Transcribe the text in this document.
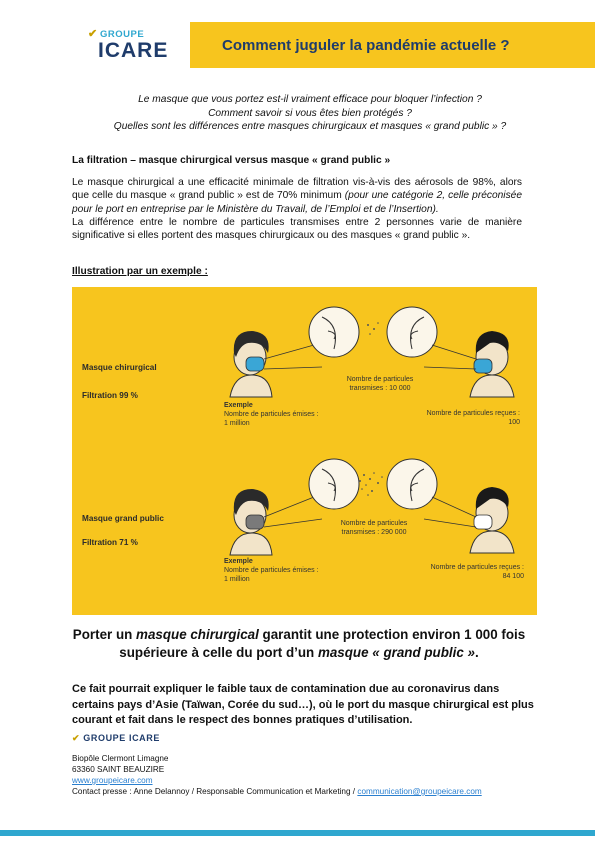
✔ GROUPE
ICARE	Comment juguler la pandémie actuelle ?
Le masque que vous portez est-il vraiment efficace pour bloquer l’infection ?
Comment savoir si vous êtes bien protégés ?
Quelles sont les différences entre masques chirurgicaux et masques « grand public » ?
La filtration – masque chirurgical versus masque « grand public »
Le masque chirurgical a une efficacité minimale de filtration vis-à-vis des aérosols de 98%, alors que celle du masque « grand public » est de 70% minimum (pour une catégorie 2, celle préconisée pour le port en entreprise par le Ministère du Travail, de l’Emploi et de l’Insertion).
La différence entre le nombre de particules transmises entre 2 personnes varie de manière significative si elles portent des masques chirurgicaux ou des masques « grand public ».
Illustration par un exemple :
Masque chirurgical
Filtration 99 %
Exemple
Nombre de particules émises :
1 million
Nombre de particules transmises : 10 000
Nombre de particules reçues :
100
Masque grand public
Filtration 71 %
Exemple
Nombre de particules émises :
1 million
Nombre de particules transmises : 290 000
Nombre de particules reçues :
84 100
Porter un masque chirurgical garantit une protection environ 1 000 fois supérieure à celle du port d’un masque « grand public ».
Ce fait pourrait expliquer le faible taux de contamination due au coronavirus dans certains pays d’Asie (Taïwan, Corée du sud…), où le port du masque chirurgical est plus courant et fait dans le respect des bonnes pratiques d’utilisation.
✔ GROUPE ICARE
Biopôle Clermont Limagne
63360 SAINT BEAUZIRE
www.groupeicare.com
Contact presse : Anne Delannoy / Responsable Communication et Marketing / communication@groupeicare.com
